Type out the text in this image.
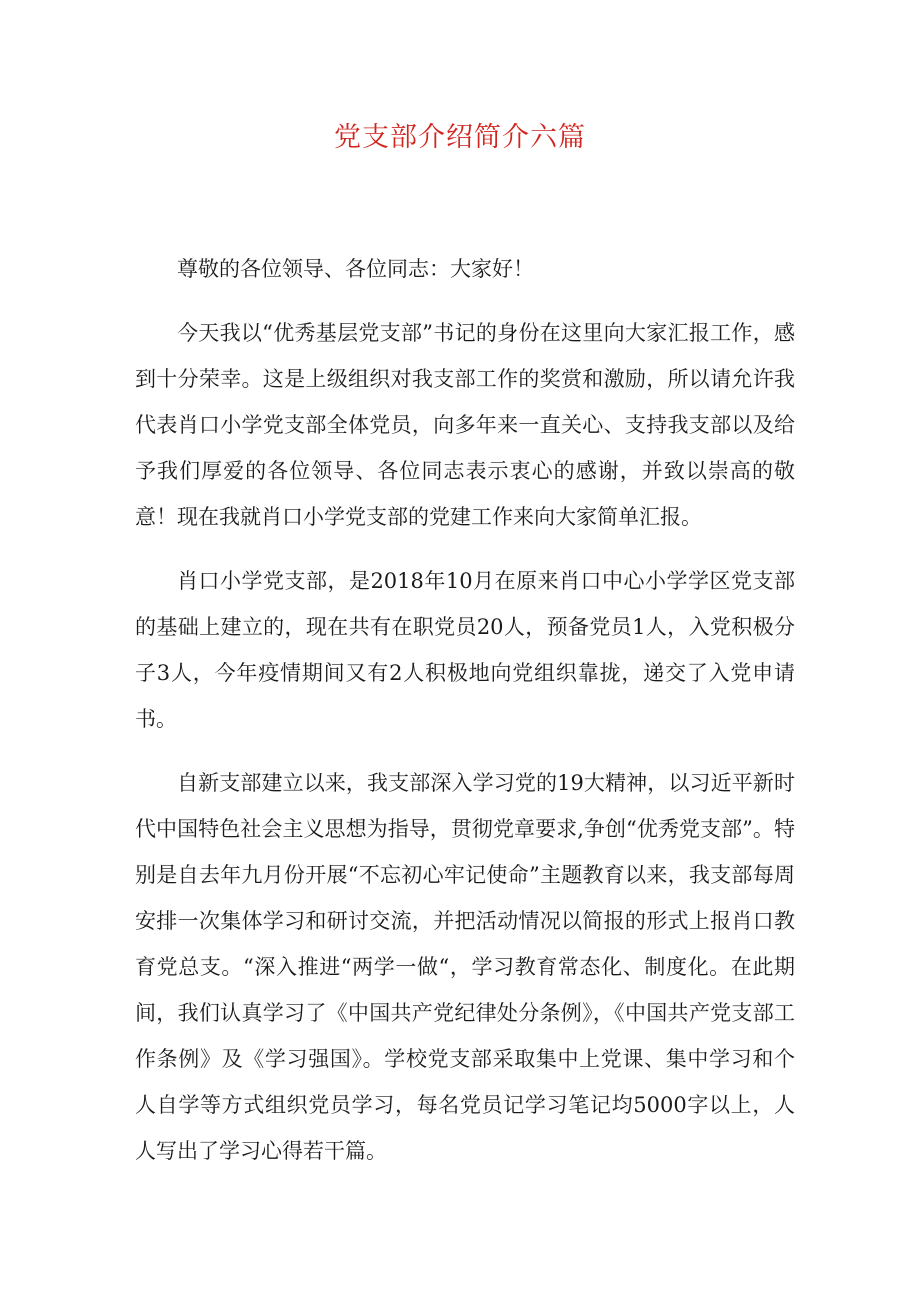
党支部介绍简介六篇

尊敬的各位领导、各位同志：大家好！

今天我以“优秀基层党支部”书记的身份在这里向大家汇报工作，感到十分荣幸。这是上级组织对我支部工作的奖赏和激励，所以请允许我代表肖口小学党支部全体党员，向多年来一直关心、支持我支部以及给予我们厚爱的各位领导、各位同志表示衷心的感谢，并致以崇高的敬意！现在我就肖口小学党支部的党建工作来向大家简单汇报。

肖口小学党支部，是2018年10月在原来肖口中心小学学区党支部的基础上建立的，现在共有在职党员20人，预备党员1人，入党积极分子3人，今年疫情期间又有2人积极地向党组织靠拢，递交了入党申请书。

自新支部建立以来，我支部深入学习党的19大精神，以习近平新时代中国特色社会主义思想为指导，贯彻党章要求,争创“优秀党支部”。特别是自去年九月份开展“不忘初心牢记使命”主题教育以来，我支部每周安排一次集体学习和研讨交流，并把活动情况以简报的形式上报肖口教育党总支。“深入推进“两学一做“，学习教育常态化、制度化。在此期间，我们认真学习了《中国共产党纪律处分条例》，《中国共产党支部工作条例》及《学习强国》。学校党支部采取集中上党课、集中学习和个人自学等方式组织党员学习，每名党员记学习笔记均5000字以上，人人写出了学习心得若干篇。
